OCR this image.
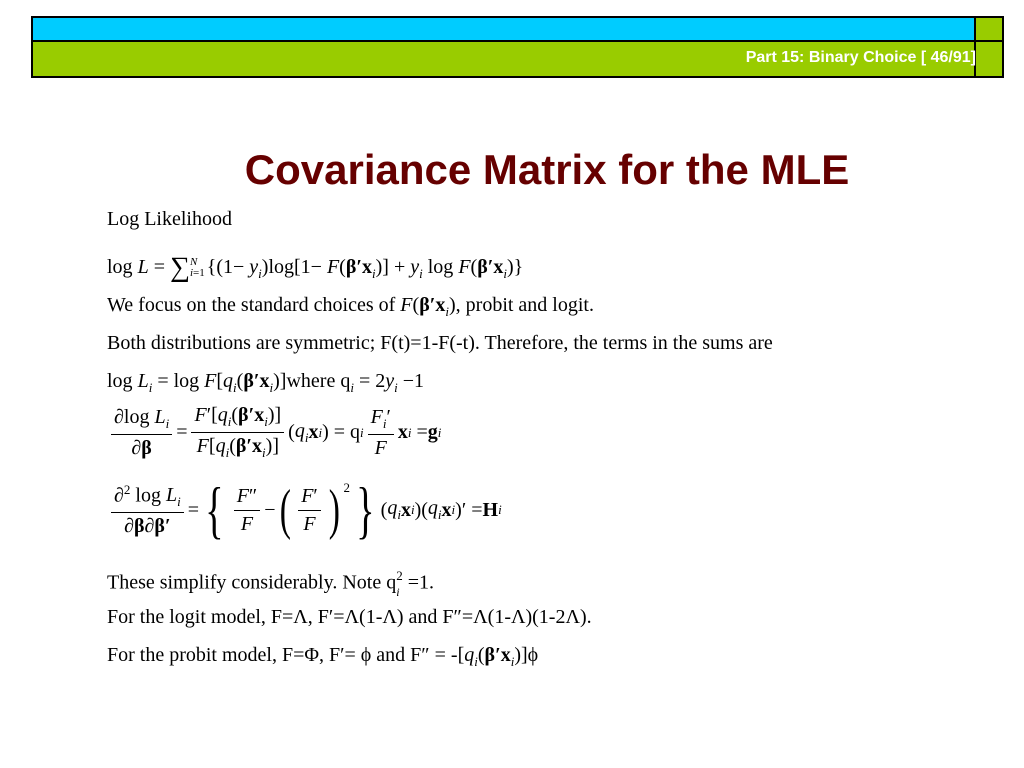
Part 15: Binary Choice [ 46/91]
Covariance Matrix for the MLE
Log Likelihood
log L = ∑N
i=1 {$(1- y_i)\log[1- F(\beta'x_i)] + y_i$ $\log F(\beta'x_i)$}
We focus on the standard choices of $F(\beta'x_i)$, probit and logit.
Both distributions are symmetric; F(t)=1-F(-t). Therefore, the terms in the sums are
$\log L_i = \log$ $F[q_i(\beta'x_i)]where$ $q_i = 2y_i -1$
$\frac{\partial\log L_i}{\partial\beta} = \frac{F'[q_i(\beta'x_i)]}{F[q_i(\beta'x_i)]}$ ( $q_i$ x i ) = q i $\frac{F_i'}{F}$ x i = g i
$\frac{\partial^2 \log L_i}{\partial\beta\partial\beta'}$ = { $\frac{F''}{F}$ − ( $\frac{F'}{F}$ ) $^2$ } ( $q_i$ x i )( $q_i$ x i )′ = H i
These simplify considerably. Note $q^2$
i =1.
For the logit model, F=Λ, F′=Λ(1-Λ) and F″=Λ(1-Λ)(1-2Λ).
For the probit model, F=Φ, F′= ϕ and $F'' = -[q_i(\beta'x_i)]\phi$
